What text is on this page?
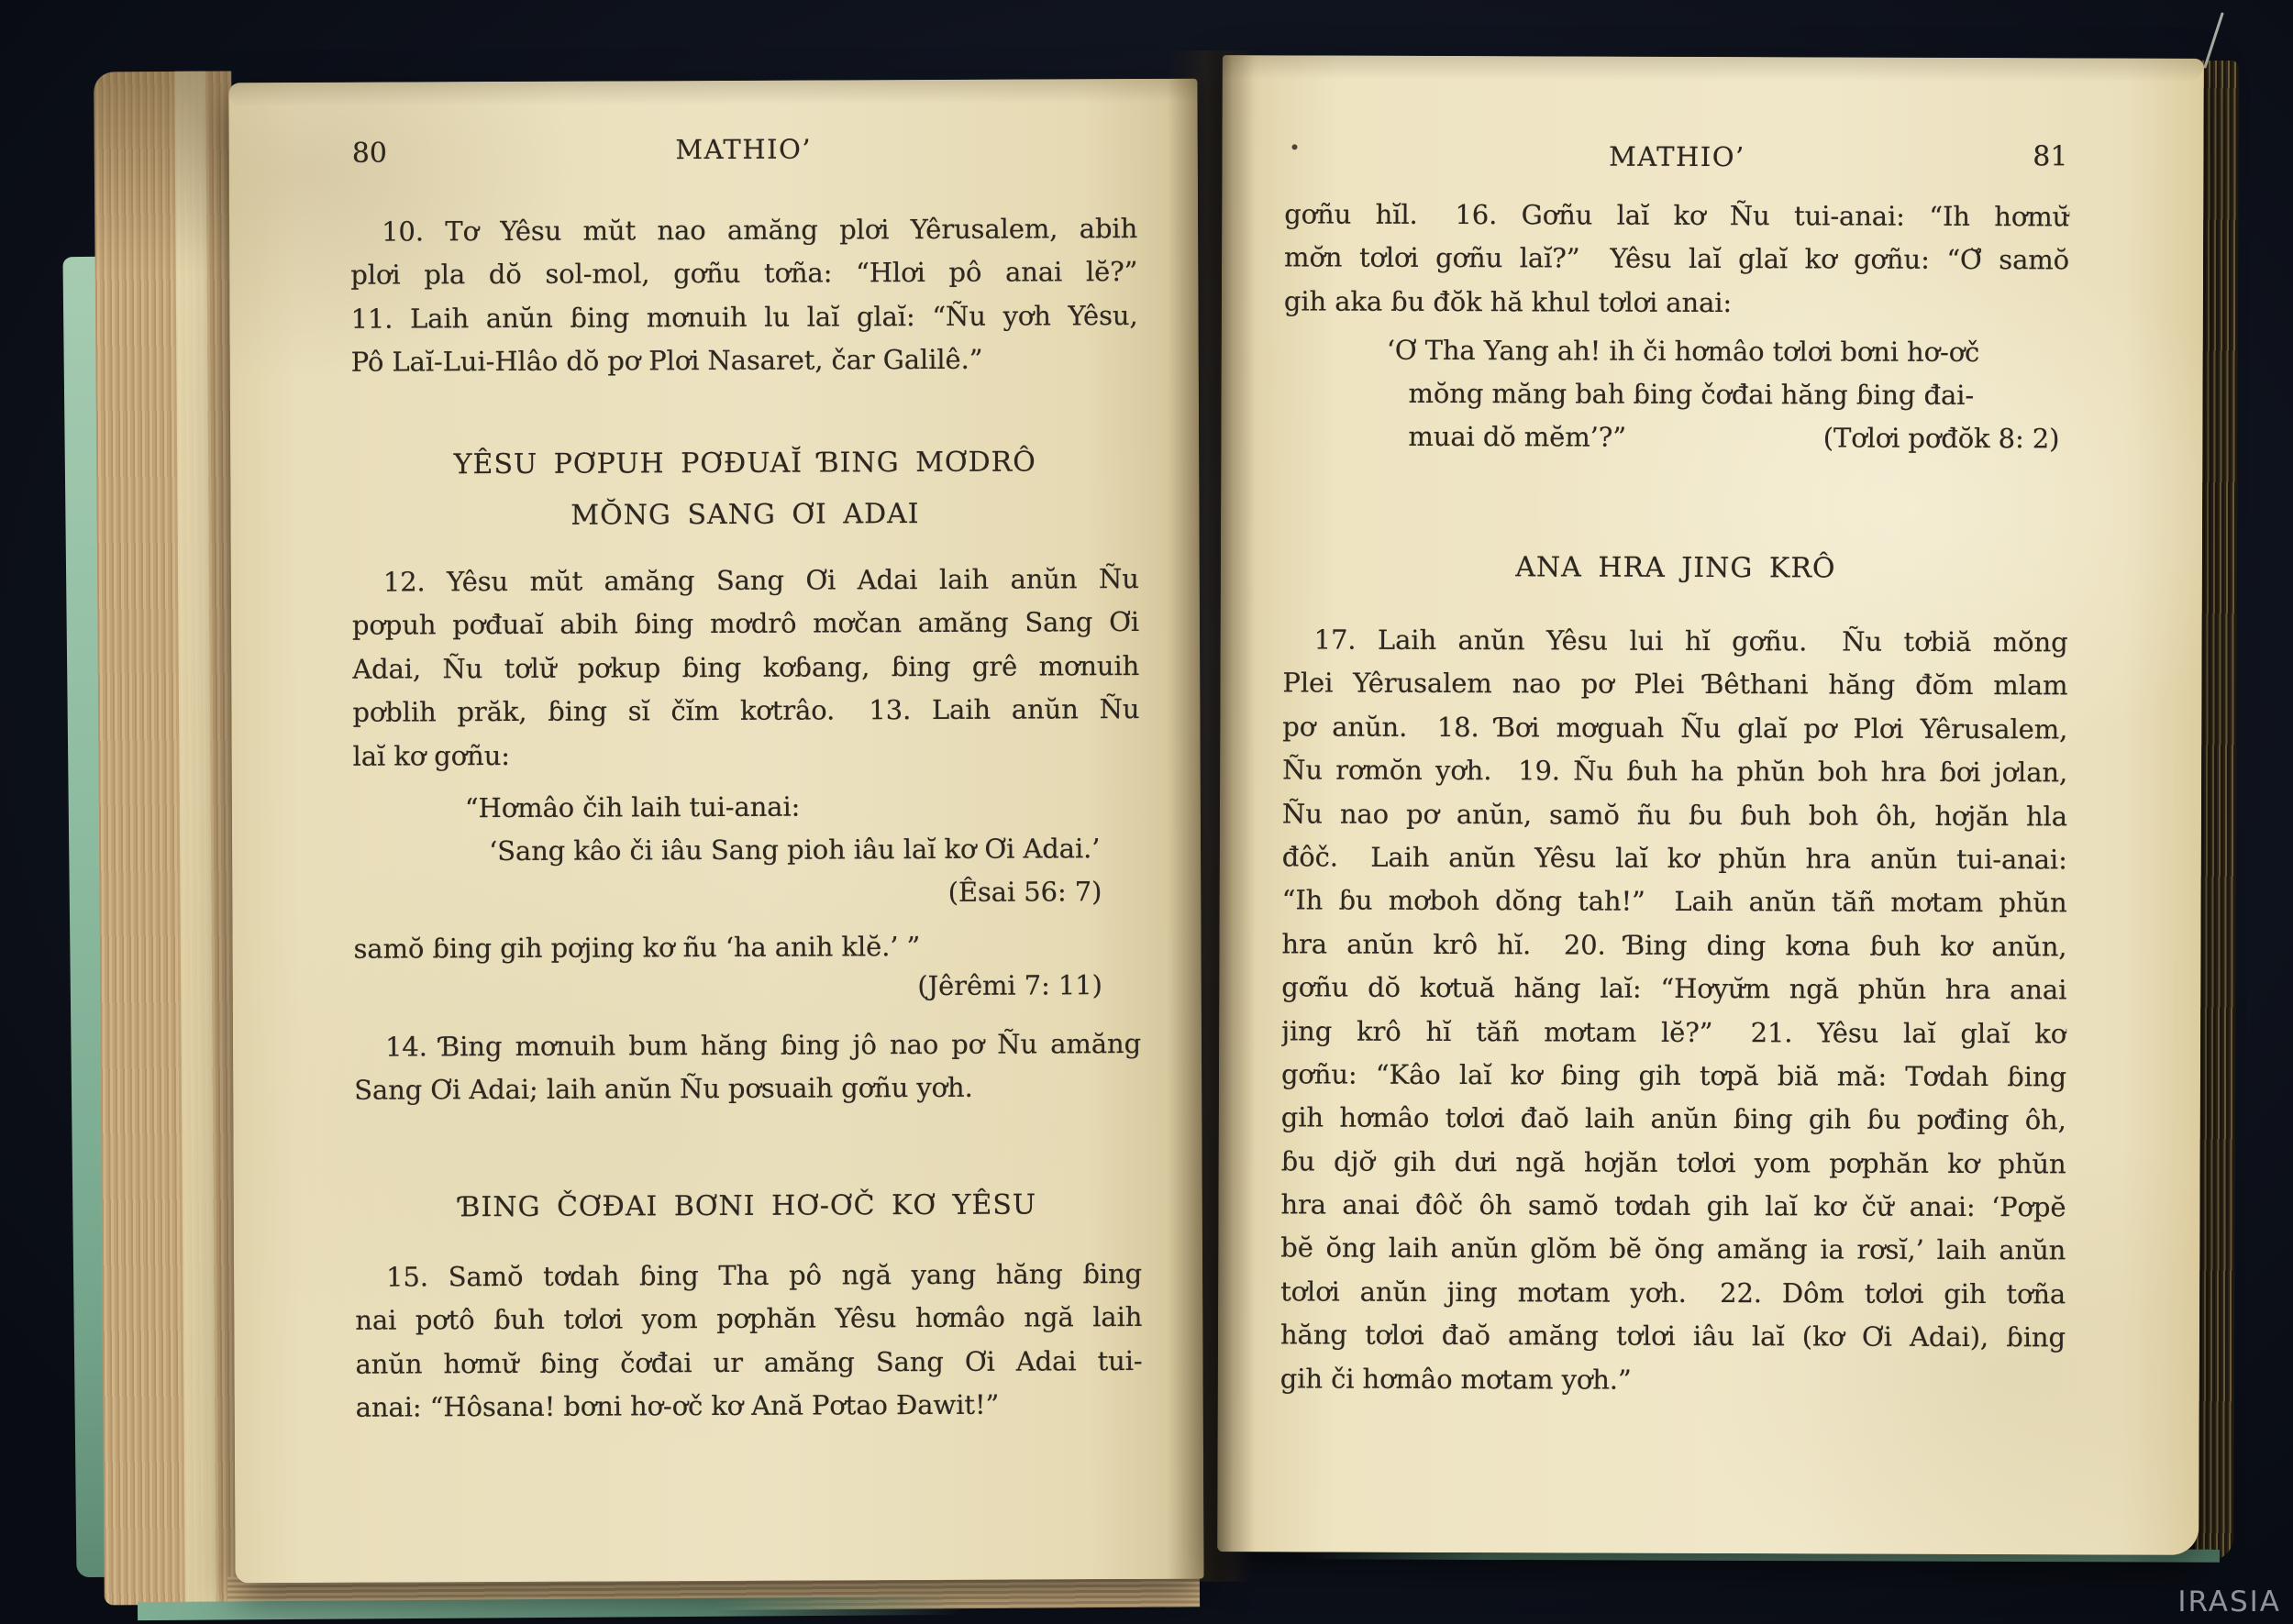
80	MATHIO’
10. Tơ Yêsu mŭt nao amăng plơi Yêrusalem, abih
plơi pla dŏ sol-mol, gơñu tơña: “Hlơi pô anai lĕ?”
11. Laih anŭn ɓing mơnuih lu laĭ glaĭ: “Ñu yơh Yêsu,
Pô Laĭ-Lui-Hlâo dŏ pơ Plơi Nasaret, čar Galilê.”
YÊSU PƠPUH PƠĐUAĬ ƁING MƠDRÔ
MŎNG SANG ƠI ADAI
12. Yêsu mŭt amăng Sang Ơi Adai laih anŭn Ñu
pơpuh pơđuaĭ abih ɓing mơdrô mơčan amăng Sang Ơi
Adai, Ñu tơlư̆ pơkup ɓing kơɓang, ɓing grê mơnuih
pơblih prăk, ɓing sĭ čĭm kơtrâo.  13. Laih anŭn Ñu
laĭ kơ gơñu:
“Hơmâo čih laih tui-anai:
‘Sang kâo či iâu Sang pioh iâu laĭ kơ Ơi Adai.’
(Êsai 56: 7)
samŏ ɓing gih pơjing kơ ñu ‘ha anih klĕ.’ ”
(Jêrêmi 7: 11)
14. Ɓing mơnuih bum hăng ɓing jô nao pơ Ñu amăng
Sang Ơi Adai; laih anŭn Ñu pơsuaih gơñu yơh.
ƁING ČƠĐAI BƠNI HƠ-ƠČ KƠ YÊSU
15. Samŏ tơdah ɓing Tha pô ngă yang hăng ɓing
nai pơtô ɓuh tơlơi yom pơphăn Yêsu hơmâo ngă laih
anŭn hơmư̆ ɓing čơđai ur amăng Sang Ơi Adai tui-
anai: “Hôsana! bơni hơ-ơč kơ Ană Pơtao Đawit!”
MATHIO’	81
gơñu hĭl.  16. Gơñu laĭ kơ Ñu tui-anai: “Ih hơmư̆
mơ̆n tơlơi gơñu laĭ?”  Yêsu laĭ glaĭ kơ gơñu: “Ơ̆ samŏ
gih aka ɓu đŏk hă khul tơlơi anai:
‘Ơ Tha Yang ah! ih či hơmâo tơlơi bơni hơ-ơč
mŏng măng bah ɓing čơđai hăng ɓing đai-
muai dŏ mĕm’?”	(Tơlơi pơđŏk 8: 2)
ANA HRA JING KRÔ
17. Laih anŭn Yêsu lui hĭ gơñu.  Ñu tơbiă mŏng
Plei Yêrusalem nao pơ Plei Ɓêthani hăng đŏm mlam
pơ anŭn.  18. Ɓơi mơguah Ñu glaĭ pơ Plơi Yêrusalem,
Ñu rơmŏn yơh.  19. Ñu ɓuh ha phŭn boh hra ɓơi jơlan,
Ñu nao pơ anŭn, samŏ ñu ɓu ɓuh boh ôh, hơjăn hla
đôč.  Laih anŭn Yêsu laĭ kơ phŭn hra anŭn tui-anai:
“Ih ɓu mơboh dŏng tah!”  Laih anŭn tăñ mơtam phŭn
hra anŭn krô hĭ.  20. Ɓing ding kơna ɓuh kơ anŭn,
gơñu dŏ kơtuă hăng laĭ: “Hơyư̆m ngă phŭn hra anai
jing krô hĭ tăñ mơtam lĕ?”  21. Yêsu laĭ glaĭ kơ
gơñu: “Kâo laĭ kơ ɓing gih tơpă biă mă: Tơdah ɓing
gih hơmâo tơlơi đaŏ laih anŭn ɓing gih ɓu pơđing ôh,
ɓu djơ̆ gih dưi ngă hơjăn tơlơi yom pơphăn kơ phŭn
hra anai đôč ôh samŏ tơdah gih laĭ kơ čư̆ anai: ‘Pơpĕ
bĕ ŏng laih anŭn glŏm bĕ ŏng amăng ia rơsĭ,’ laih anŭn
tơlơi anŭn jing mơtam yơh.  22. Dôm tơlơi gih tơña
hăng tơlơi đaŏ amăng tơlơi iâu laĭ (kơ Ơi Adai), ɓing
gih či hơmâo mơtam yơh.”
IRASIA
